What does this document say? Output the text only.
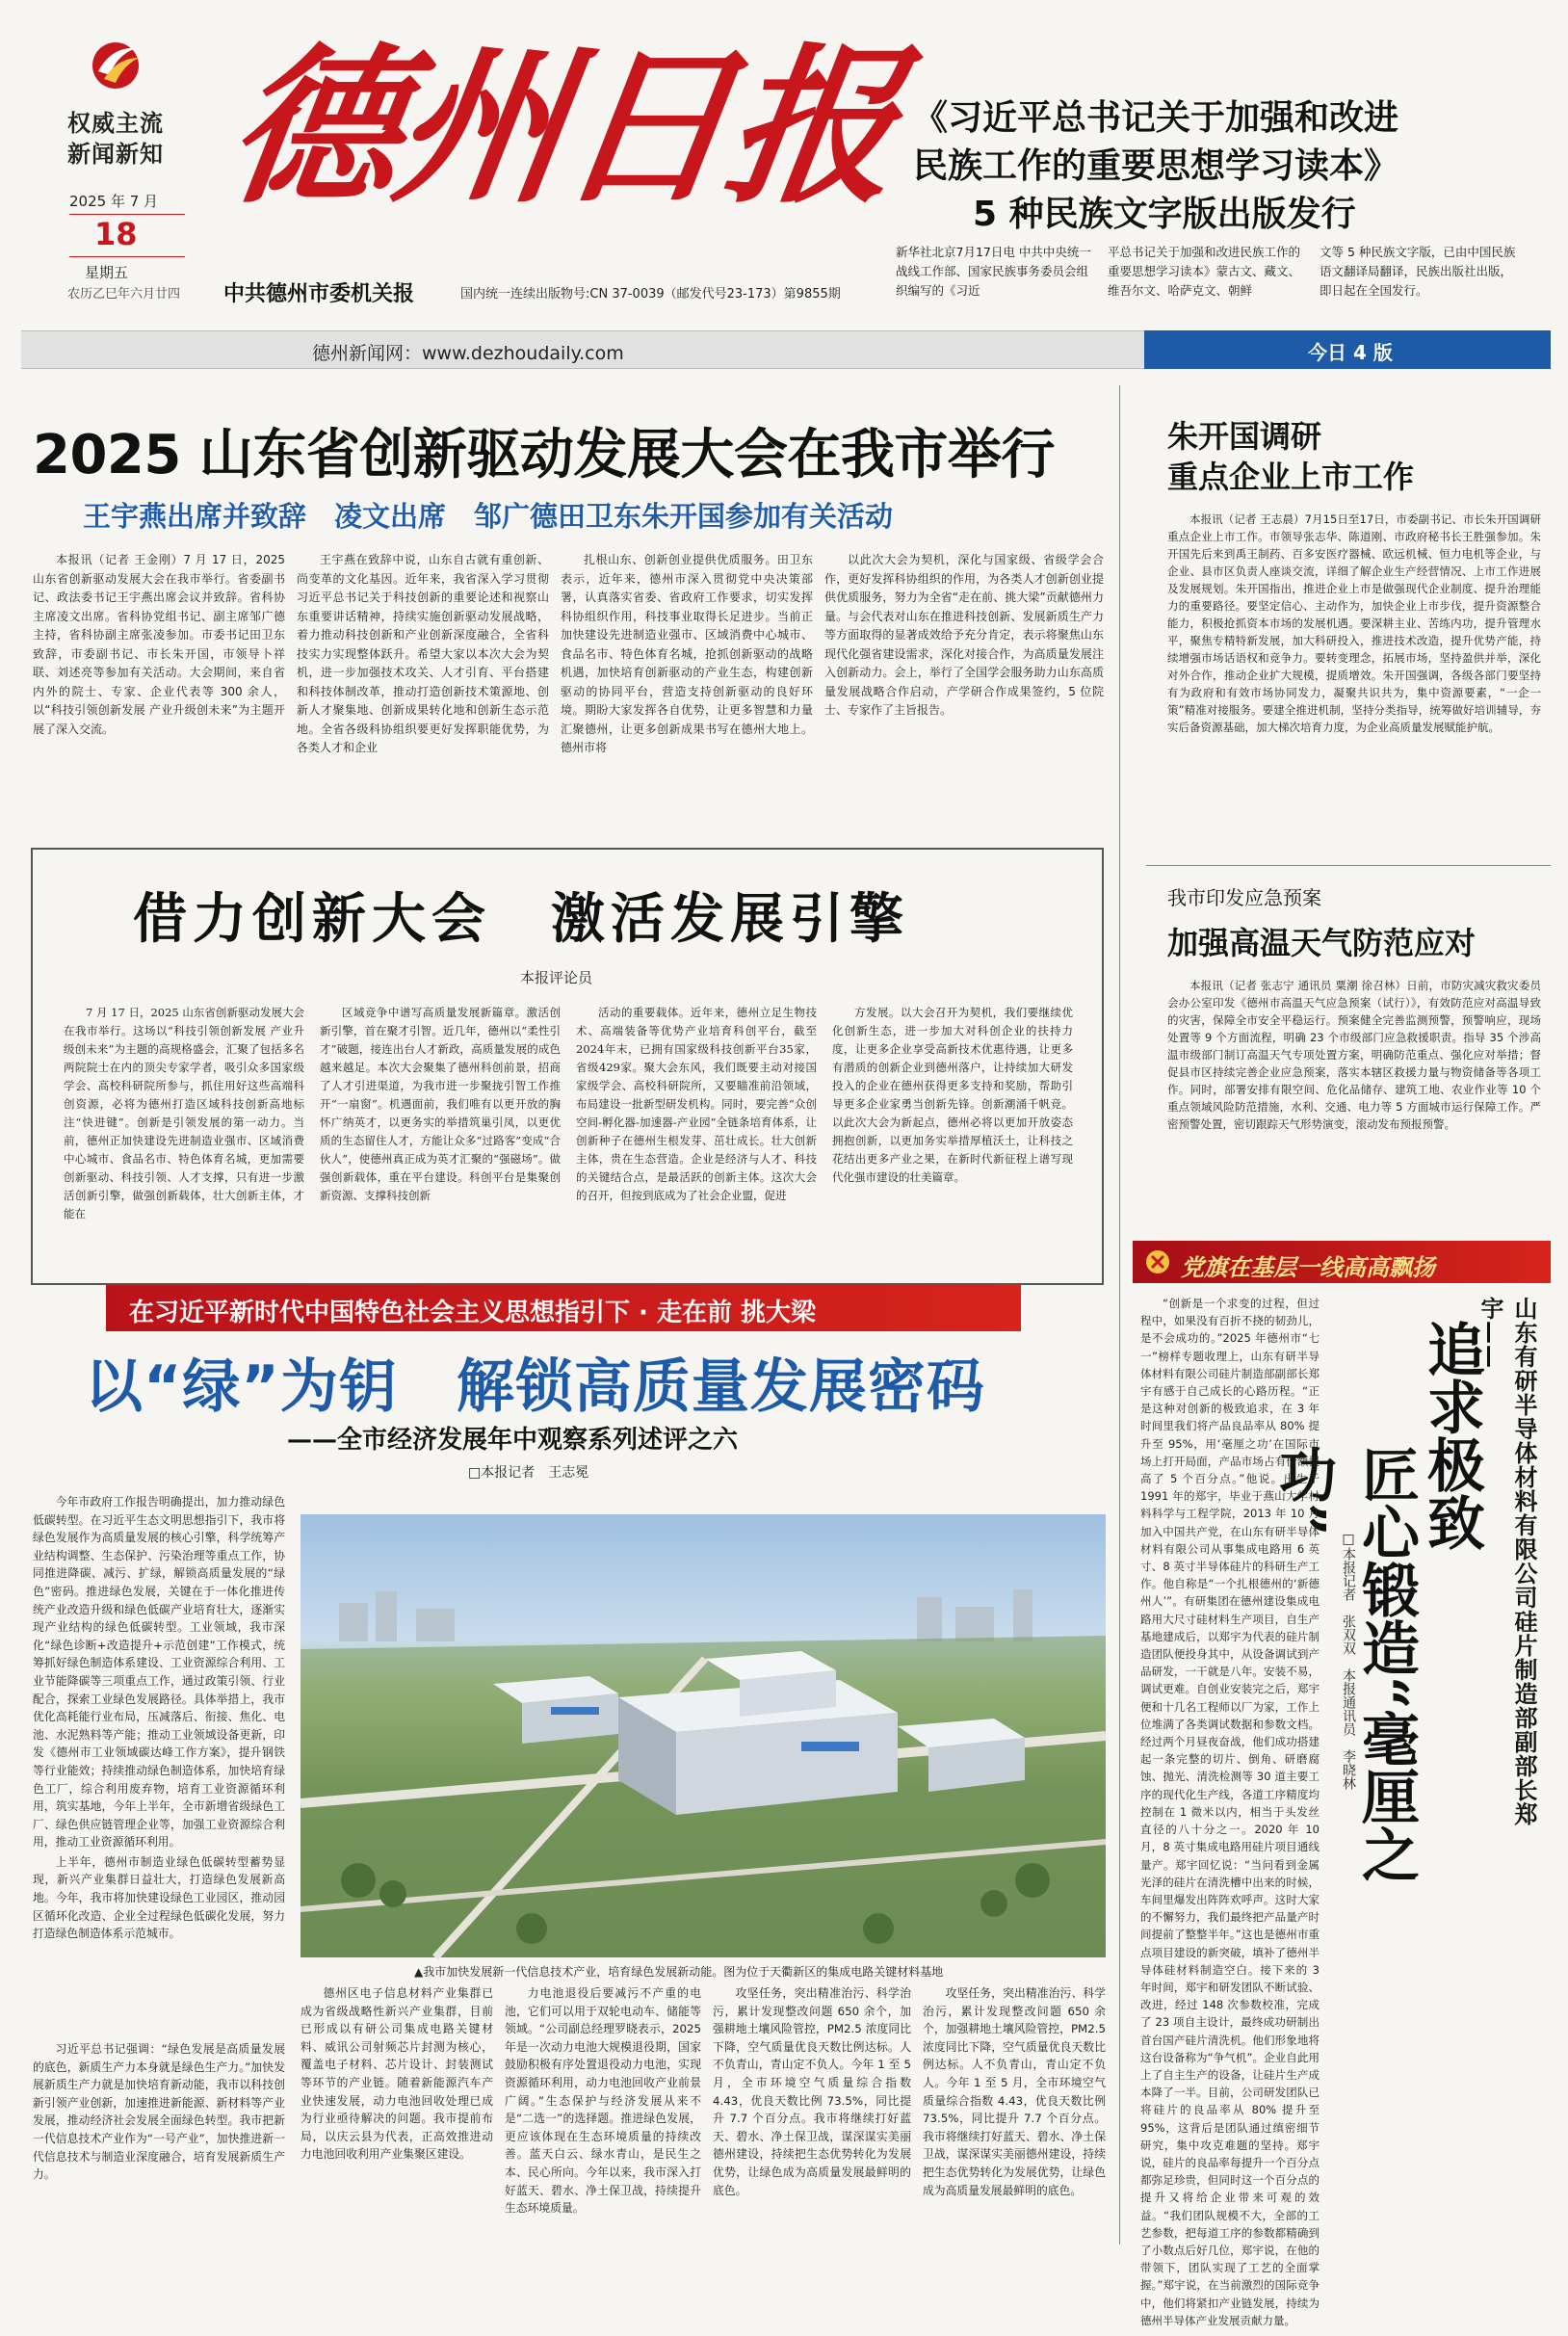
权威主流
新闻新知
2025 年 7 月
18
星期五
农历乙巳年六月廿四
德州日报
中共德州市委机关报	国内统一连续出版物号:CN 37-0039（邮发代号23-173）第9855期
《习近平总书记关于加强和改进
民族工作的重要思想学习读本》
5 种民族文字版出版发行
新华社北京7月17日电 中共中央统一战线工作部、国家民族事务委员会组织编写的《习近
平总书记关于加强和改进民族工作的重要思想学习读本》蒙古文、藏文、维吾尔文、哈萨克文、朝鲜
文等 5 种民族文字版，已由中国民族语文翻译局翻译，民族出版社出版，即日起在全国发行。
德州新闻网：www.dezhoudaily.com	今日 4 版
2025 山东省创新驱动发展大会在我市举行
王宇燕出席并致辞　凌文出席　邹广德田卫东朱开国参加有关活动

本报讯（记者 王金刚）7 月 17 日，2025 山东省创新驱动发展大会在我市举行。省委副书记、政法委书记王宇燕出席会议并致辞。省科协主席凌文出席。省科协党组书记、副主席邹广德主持，省科协副主席张凌参加。市委书记田卫东致辞，市委副书记、市长朱开国，市领导卜祥联、刘述亮等参加有关活动。大会期间，来自省内外的院士、专家、企业代表等 300 余人，以“科技引领创新发展 产业升级创未来”为主题开展了深入交流。

王宇燕在致辞中说，山东自古就有重创新、尚变革的文化基因。近年来，我省深入学习贯彻习近平总书记关于科技创新的重要论述和视察山东重要讲话精神，持续实施创新驱动发展战略，着力推动科技创新和产业创新深度融合，全省科技实力实现整体跃升。希望大家以本次大会为契机，进一步加强技术攻关、人才引育、平台搭建和科技体制改革，推动打造创新技术策源地、创新人才聚集地、创新成果转化地和创新生态示范地。全省各级科协组织要更好发挥职能优势，为各类人才和企业

扎根山东、创新创业提供优质服务。田卫东表示，近年来，德州市深入贯彻党中央决策部署，认真落实省委、省政府工作要求，切实发挥科协组织作用，科技事业取得长足进步。当前正加快建设先进制造业强市、区域消费中心城市、食品名市、特色体育名城，抢抓创新驱动的战略机遇，加快培育创新驱动的产业生态，构建创新驱动的协同平台，营造支持创新驱动的良好环境。期盼大家发挥各自优势，让更多智慧和力量汇聚德州，让更多创新成果书写在德州大地上。德州市将

以此次大会为契机，深化与国家级、省级学会合作，更好发挥科协组织的作用，为各类人才创新创业提供优质服务，努力为全省“走在前、挑大梁”贡献德州力量。与会代表对山东在推进科技创新、发展新质生产力等方面取得的显著成效给予充分肯定，表示将聚焦山东现代化强省建设需求，深化对接合作，为高质量发展注入创新动力。会上，举行了全国学会服务助力山东高质量发展战略合作启动，产学研合作成果签约，5 位院士、专家作了主旨报告。

借力创新大会　激活发展引擎
本报评论员

7 月 17 日，2025 山东省创新驱动发展大会在我市举行。这场以“科技引领创新发展 产业升级创未来”为主题的高规格盛会，汇聚了包括多名两院院士在内的顶尖专家学者，吸引众多国家级学会、高校科研院所参与，抓住用好这些高端科创资源，必将为德州打造区域科技创新高地标注“快进键”。创新是引领发展的第一动力。当前，德州正加快建设先进制造业强市、区域消费中心城市、食品名市、特色体育名城，更加需要创新驱动、科技引领、人才支撑，只有进一步激活创新引擎，做强创新载体，壮大创新主体，才能在

区域竞争中谱写高质量发展新篇章。激活创新引擎，首在聚才引智。近几年，德州以“柔性引才”破题，接连出台人才新政，高质量发展的成色越来越足。本次大会聚集了德州科创前景，招商了人才引进渠道，为我市进一步聚拢引智工作推开“一扇窗”。机遇面前，我们唯有以更开放的胸怀广纳英才，以更务实的举措筑巢引凤，以更优质的生态留住人才，方能让众多“过路客”变成“合伙人”，使德州真正成为英才汇聚的“强磁场”。做强创新载体，重在平台建设。科创平台是集聚创新资源、支撑科技创新

活动的重要载体。近年来，德州立足生物技术、高端装备等优势产业培育科创平台，截至2024年末，已拥有国家级科技创新平台35家，省级429家。聚大会东风，我们既要主动对接国家级学会、高校科研院所，又要瞄准前沿领域，布局建设一批新型研发机构。同时，要完善“众创空间-孵化器-加速器-产业园”全链条培育体系，让创新种子在德州生根发芽、茁壮成长。壮大创新主体，贵在生态营造。企业是经济与人才、科技的关键结合点，是最活跃的创新主体。这次大会的召开，但按到底成为了社会企业盟，促进

方发展。以大会召开为契机，我们要继续优化创新生态，进一步加大对科创企业的扶持力度，让更多企业享受高新技术优惠待遇，让更多有潜质的创新企业到德州落户，让持续加大研发投入的企业在德州获得更多支持和奖励，帮助引导更多企业家勇当创新先锋。创新潮涌千帆竞。以此次大会为新起点，德州必将以更加开放姿态拥抱创新，以更加务实举措厚植沃土，让科技之花结出更多产业之果，在新时代新征程上谱写现代化强市建设的壮美篇章。

朱开国调研
重点企业上市工作

本报讯（记者 王志晨）7月15日至17日，市委副书记、市长朱开国调研重点企业上市工作。市领导张志华、陈道刚、市政府秘书长王胜强参加。朱开国先后来到禹王制药、百多安医疗器械、欧远机械、恒力电机等企业，与企业、县市区负责人座谈交流，详细了解企业生产经营情况、上市工作进展及发展规划。朱开国指出，推进企业上市是做强现代企业制度、提升治理能力的重要路径。要坚定信心、主动作为，加快企业上市步伐，提升资源整合能力，积极抢抓资本市场的发展机遇。要深耕主业、苦练内功，提升管理水平，聚焦专精特新发展，加大科研投入，推进技术改造，提升优势产能，持续增强市场话语权和竞争力。要转变理念，拓展市场，坚持盈供并举，深化对外合作，推动企业扩大规模，提质增效。朱开国强调，各级各部门要坚持有为政府和有效市场协同发力，凝聚共识共为，集中资源要素，“一企一策”精准对接服务。要建全推进机制，坚持分类指导，统筹做好培训辅导，夯实后备资源基础，加大梯次培育力度，为企业高质量发展赋能护航。

我市印发应急预案
加强高温天气防范应对

本报讯（记者 张志宁 通讯员 粟潮 徐召林）日前，市防灾减灾救灾委员会办公室印发《德州市高温天气应急预案（试行）》，有效防范应对高温导致的灾害，保障全市安全平稳运行。预案健全完善监测预警，预警响应，现场处置等 9 个方面流程，明确 23 个市级部门应急救援职责。指导 35 个涉高温市级部门制订高温天气专项处置方案，明确防范重点、强化应对举措；督促县市区持续完善企业应急预案，落实本辖区救援力量与物资储备等各项工作。同时，部署安排有限空间、危化品储存、建筑工地、农业作业等 10 个重点领域风险防范措施，水利、交通、电力等 5 方面城市运行保障工作。严密预警处置，密切跟踪天气形势演变，滚动发布预报预警。

党旗在基层一线高高飘扬
山东有研半导体材料有限公司硅片制造部副部长郑宇——
追求极致
匠心锻造“毫厘之功”
□本报记者　张双双　本报通讯员　李晓林

“创新是一个求变的过程，但过程中，如果没有百折不挠的韧劲儿，是不会成功的。”2025 年德州市“七一”榜样专题收理上，山东有研半导体材料有限公司硅片制造部副部长郑宇有感于自己成长的心路历程。“正是这种对创新的极致追求，在 3 年时间里我们将产品良品率从 80% 提升至 95%，用‘毫厘之功’在国际市场上打开局面，产品市场占有份额提高了 5 个百分点。”他说。出生于 1991 年的郑宇，毕业于燕山大学材料科学与工程学院，2013 年 10 月加入中国共产党，在山东有研半导体材料有限公司从事集成电路用 6 英寸、8 英寸半导体硅片的科研生产工作。他自称是“一个扎根德州的‘新德州人’”。有研集团在德州建设集成电路用大尺寸硅材料生产项目，自生产基地建成后，以郑宇为代表的硅片制造团队便投身其中，从设备调试到产品研发，一干就是八年。安装不易，调试更难。自创业安装完之后，郑宇便和十几名工程师以厂为家，工作上位堆满了各类调试数据和参数文档。经过两个月昼夜奋战，他们成功搭建起一条完整的切片、倒角、研磨腐蚀、抛光、清洗检测等 30 道主要工序的现代化生产线，各道工序精度均控制在 1 微米以内，相当于头发丝直径的八十分之一。2020 年 10 月，8 英寸集成电路用硅片项目通线量产。郑宇回忆说：“当问看到金属光泽的硅片在清洗槽中出来的时候，车间里爆发出阵阵欢呼声。这时大家的不懈努力，我们最终把产品量产时间提前了整整半年。”这也是德州市重点项目建设的新突破，填补了德州半导体硅材料制造空白。接下来的 3 年时间，郑宇和研发团队不断试验、改进，经过 148 次参数校准，完成了 23 项自主设计，最终成功研制出首台国产硅片清洗机。他们形象地将这台设备称为“争气机”。企业自此用上了自主生产的设备，让硅片生产成本降了一半。目前，公司研发团队已将硅片的良品率从 80% 提升至 95%，这背后是团队通过缜密细节研究，集中攻克难题的坚持。郑宇说，硅片的良品率每提升一个百分点都弥足珍贵，但同时这一个百分点的提升又将给企业带来可观的效益。“我们团队规模不大，全部的工艺参数，把每道工序的参数都精确到了小数点后好几位，郑宇说，在他的带领下，团队实现了工艺的全面掌握。”郑宇说，在当前激烈的国际竞争中，他们将紧扣产业链发展，持续为德州半导体产业发展贡献力量。

在习近平新时代中国特色社会主义思想指引下 · 走在前 挑大梁
以“绿”为钥　解锁高质量发展密码
——全市经济发展年中观察系列述评之六
□本报记者　王志冕

今年市政府工作报告明确提出，加力推动绿色低碳转型。在习近平生态文明思想指引下，我市将绿色发展作为高质量发展的核心引擎，科学统筹产业结构调整、生态保护、污染治理等重点工作，协同推进降碳、减污、扩绿，解锁高质量发展的“绿色”密码。推进绿色发展，关键在于一体化推进传统产业改造升级和绿色低碳产业培育壮大，逐渐实现产业结构的绿色低碳转型。工业领域，我市深化“绿色诊断+改造提升+示范创建”工作模式，统筹抓好绿色制造体系建设、工业资源综合利用、工业节能降碳等三项重点工作，通过政策引领、行业配合，探索工业绿色发展路径。具体举措上，我市优化高耗能行业布局，压减落后、衔接、焦化、电池、水泥熟料等产能；推动工业领域设备更新，印发《德州市工业领域碳达峰工作方案》，提升钢铁等行业能效；持续推动绿色制造体系，加快培育绿色工厂，综合利用废弃物，培育工业资源循环利用，筑实基地，今年上半年，全市新增省级绿色工厂、绿色供应链管理企业等，加强工业资源综合利用，推动工业资源循环利用。

上半年，德州市制造业绿色低碳转型蓄势显现，新兴产业集群日益壮大，打造绿色发展新高地。今年，我市将加快建设绿色工业园区，推动园区循环化改造、企业全过程绿色低碳化发展，努力打造绿色制造体系示范城市。

▲我市加快发展新一代信息技术产业，培育绿色发展新动能。图为位于天衢新区的集成电路关键材料基地

习近平总书记强调：“绿色发展是高质量发展的底色，新质生产力本身就是绿色生产力。”加快发展新质生产力就是加快培育新动能，我市以科技创新引领产业创新，加速推进新能源、新材料等产业发展，推动经济社会发展全面绿色转型。我市把新一代信息技术产业作为“一号产业”，加快推进新一代信息技术与制造业深度融合，培育发展新质生产力。

德州区电子信息材料产业集群已成为省级战略性新兴产业集群，目前已形成以有研公司集成电路关键材料、威讯公司射频芯片封测为核心，覆盖电子材料、芯片设计、封装测试等环节的产业链。随着新能源汽车产业快速发展，动力电池回收处理已成为行业亟待解决的问题。我市提前布局，以庆云县为代表，正高效推进动力电池回收利用产业集聚区建设。

力电池退役后要减污不产重的电池，它们可以用于双轮电动车、储能等领域。“公司副总经理罗晓表示，2025年是一次动力电池大规模退役期，国家鼓励积极有序处置退役动力电池，实现资源循环利用，动力电池回收产业前景广阔。”生态保护与经济发展从来不是“二选一”的选择题。推进绿色发展，更应该体现在生态环境质量的持续改善。蓝天白云、绿水青山，是民生之本、民心所向。今年以来，我市深入打好蓝天、碧水、净土保卫战，持续提升生态环境质量。

攻坚任务，突出精准治污、科学治污，累计发现整改问题 650 余个，加强耕地土壤风险管控，PM2.5 浓度同比下降，空气质量优良天数比例达标。人不负青山，青山定不负人。今年 1 至 5 月，全市环境空气质量综合指数 4.43，优良天数比例 73.5%，同比提升 7.7 个百分点。我市将继续打好蓝天、碧水、净土保卫战，谋深谋实美丽德州建设，持续把生态优势转化为发展优势，让绿色成为高质量发展最鲜明的底色。

攻坚任务，突出精准治污、科学治污，累计发现整改问题 650 余个，加强耕地土壤风险管控，PM2.5 浓度同比下降，空气质量优良天数比例达标。人不负青山，青山定不负人。今年 1 至 5 月，全市环境空气质量综合指数 4.43，优良天数比例 73.5%，同比提升 7.7 个百分点。我市将继续打好蓝天、碧水、净土保卫战，谋深谋实美丽德州建设，持续把生态优势转化为发展优势，让绿色成为高质量发展最鲜明的底色。
